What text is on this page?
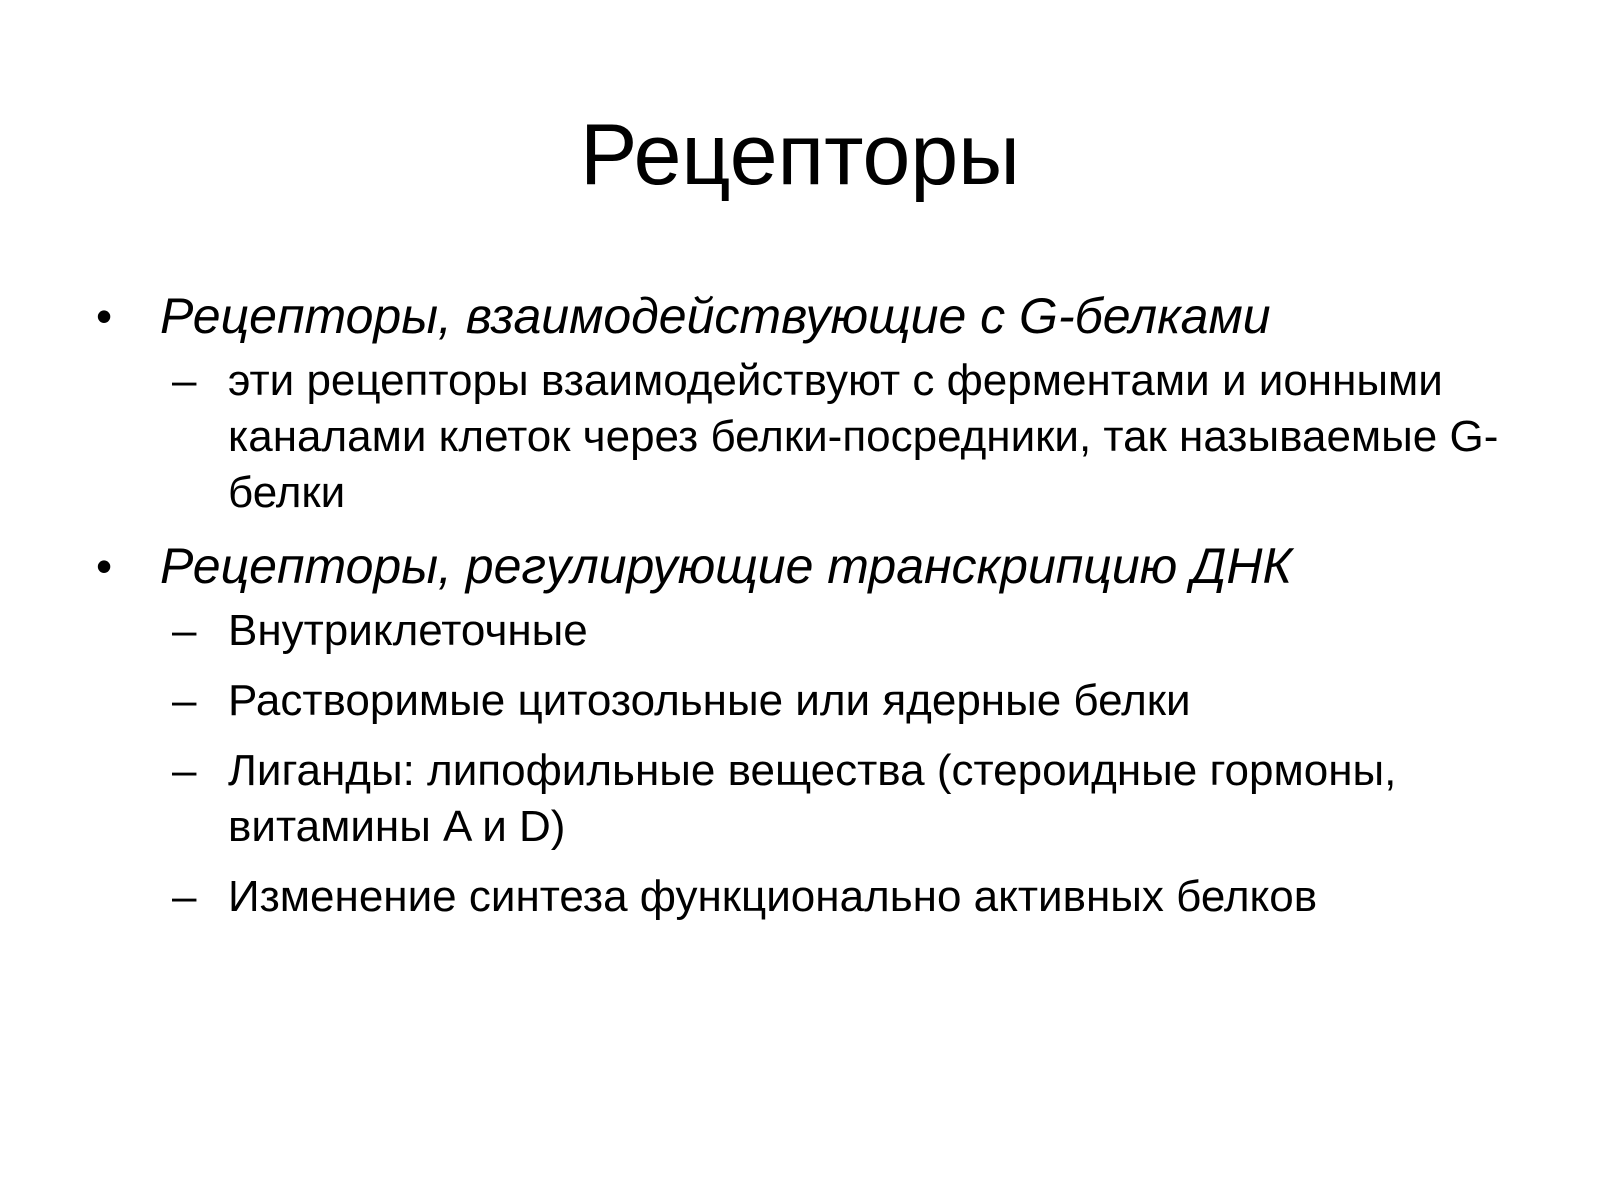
Рецепторы
• Рецепторы, взаимодействующие с G-белками
– эти рецепторы взаимодействуют с ферментами и ионными каналами клеток через белки-посредники, так называемые G-белки
• Рецепторы, регулирующие транскрипцию ДНК
– Внутриклеточные
– Растворимые цитозольные или ядерные белки
– Лиганды: липофильные вещества (стероидные гормоны, витамины A и D)
– Изменение синтеза функционально активных белков
